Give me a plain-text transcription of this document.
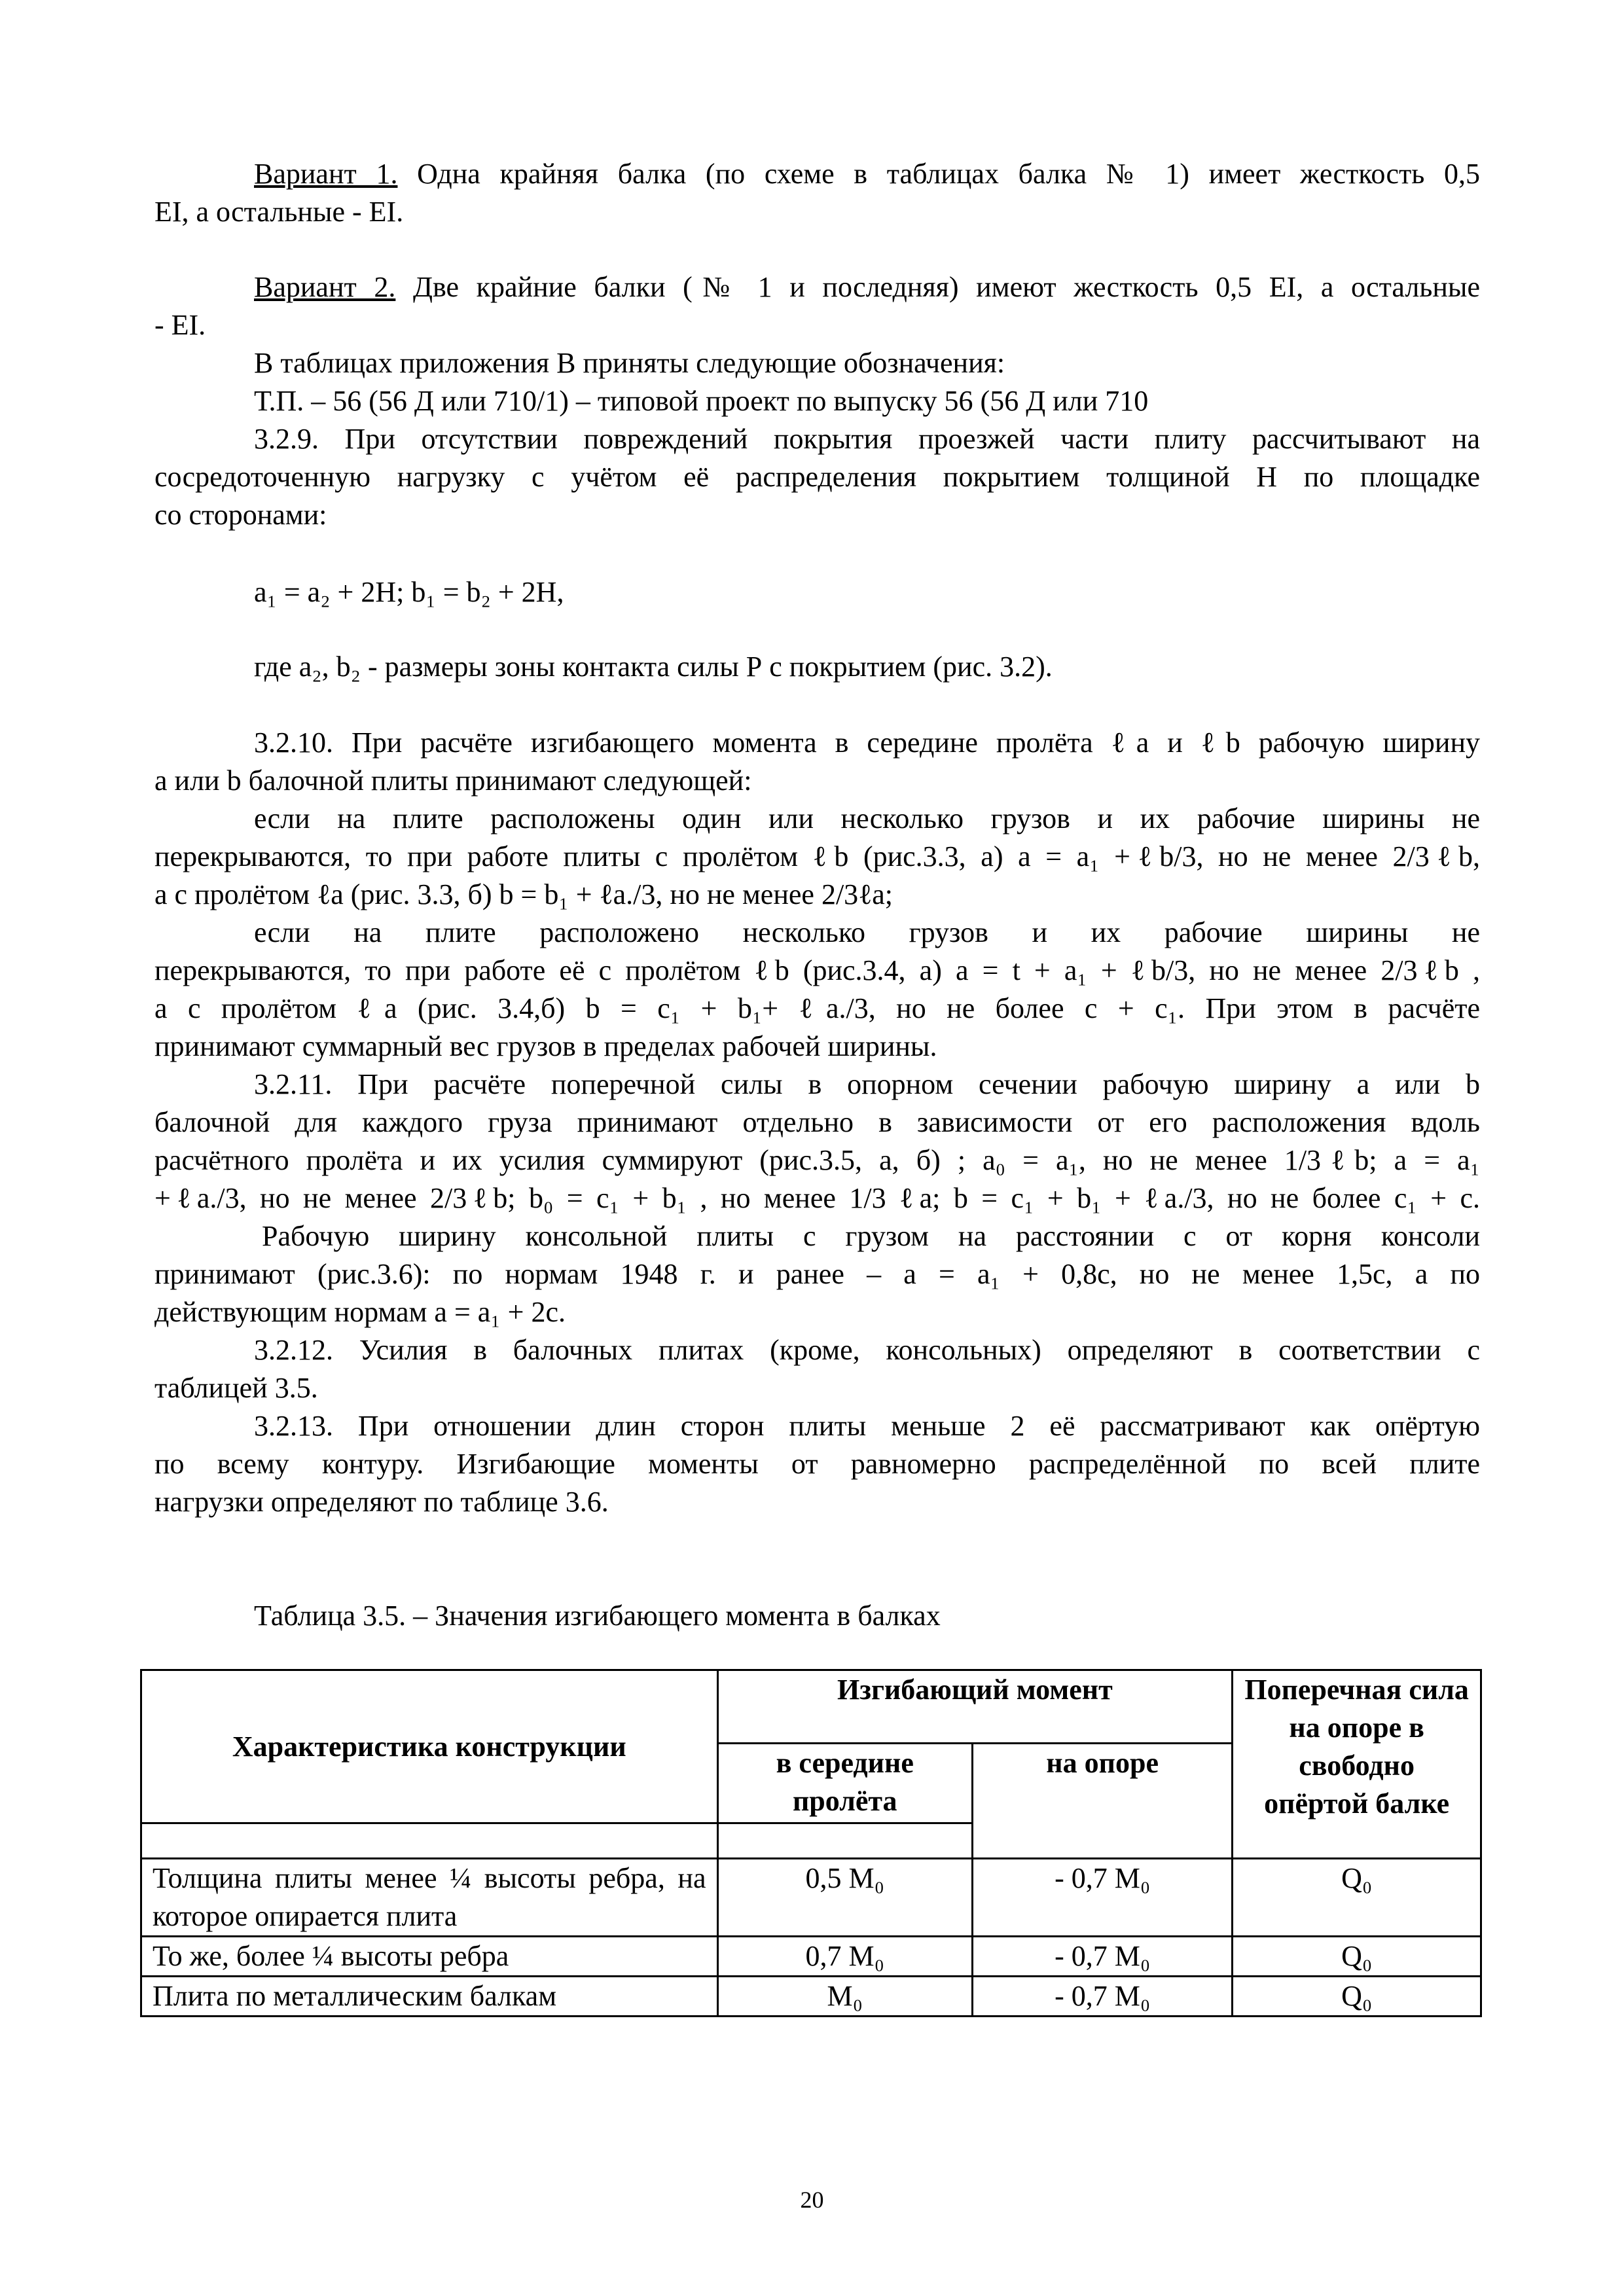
Вариант 1. Одна крайняя балка (по схеме в таблицах балка № 1) имеет жесткость 0,5
EI, а остальные - EI.
Вариант 2. Две крайние балки (№ 1 и последняя) имеют жесткость 0,5 EI, а остальные
- EI.
В таблицах приложения В приняты следующие обозначения:
Т.П. – 56 (56 Д или 710/1) – типовой проект по выпуску 56 (56 Д или 710
3.2.9. При отсутствии повреждений покрытия проезжей части плиту рассчитывают на
сосредоточенную нагрузку с учётом её распределения покрытием толщиной Н по площадке
со сторонами:
a₁ = a₂ + 2H; b₁ = b₂ + 2H,
где a₂, b₂ - размеры зоны контакта силы Р с покрытием (рис. 3.2).
3.2.10. При расчёте изгибающего момента в середине пролёта ℓa и ℓb рабочую ширину
a или b балочной плиты принимают следующей:
если на плите расположены один или несколько грузов и их рабочие ширины не
перекрываются, то при работе плиты с пролётом ℓb (рис.3.3, а) a = a₁ +ℓb/3, но не менее 2/3ℓb,
а с пролётом ℓa (рис. 3.3, б) b = b₁ + ℓa./3, но не менее 2/3ℓa;
если на плите расположено несколько грузов и их рабочие ширины не
перекрываются, то при работе её с пролётом ℓb (рис.3.4, а) a = t + a₁ + ℓb/3, но не менее 2/3ℓb ,
а с пролётом ℓa (рис. 3.4,б) b = c₁ + b₁+ ℓa./3, но не более c + c₁. При этом в расчёте
принимают суммарный вес грузов в пределах рабочей ширины.
3.2.11. При расчёте поперечной силы в опорном сечении рабочую ширину a или b
балочной для каждого груза принимают отдельно в зависимости от его расположения вдоль
расчётного пролёта и их усилия суммируют (рис.3.5, а, б) ; a₀ = a₁, но не менее 1/3ℓb; a = a₁
+ℓa./3, но не менее 2/3ℓb; b₀ = c₁ + b₁ , но менее 1/3 ℓa; b = c₁ + b₁ + ℓa./3, но не более c₁ + c.
Рабочую ширину консольной плиты с грузом на расстоянии c от корня консоли
принимают (рис.3.6): по нормам 1948 г. и ранее – a = a₁ + 0,8c, но не менее 1,5c, а по
действующим нормам a = a₁ + 2c.
3.2.12. Усилия в балочных плитах (кроме, консольных) определяют в соответствии с
таблицей 3.5.
3.2.13. При отношении длин сторон плиты меньше 2 её рассматривают как опёртую
по всему контуру. Изгибающие моменты от равномерно распределённой по всей плите
нагрузки определяют по таблице 3.6.
Таблица 3.5. – Значения изгибающего момента в балках
Характеристика конструкции	Изгибающий момент		Поперечная сила на опоре в свободно опёртой балке
	в середине пролёта	на опоре	

Толщина плиты менее ¼ высоты ребра, на которое опирается плита	0,5 M₀	- 0,7 M₀	Q₀
То же, более ¼ высоты ребра	0,7 M₀	- 0,7 M₀	Q₀
Плита по металлическим балкам	M₀	- 0,7 M₀	Q₀
20
